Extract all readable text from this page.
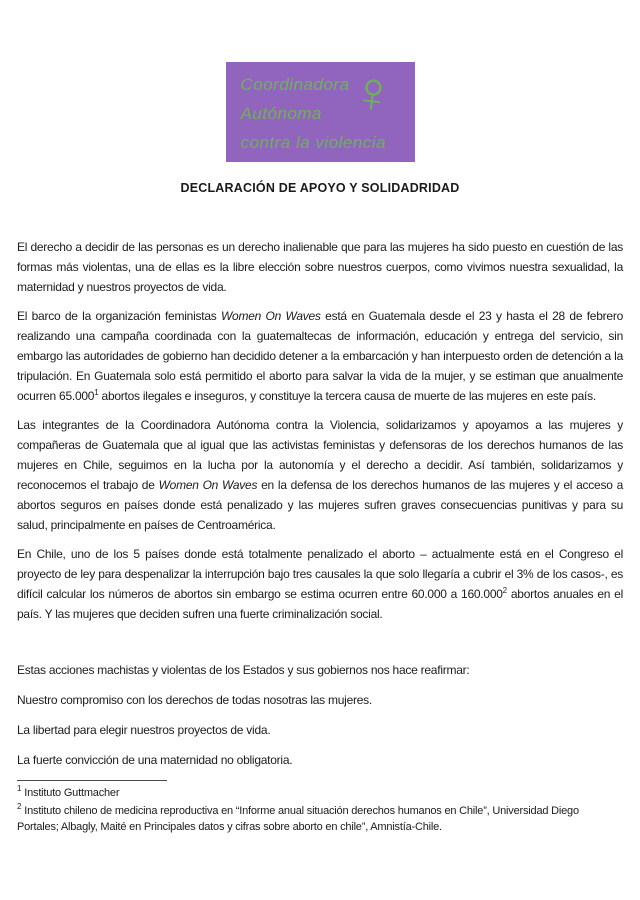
Coordinadora
Autónoma
contra la violencia
♀
DECLARACIÓN DE APOYO Y SOLIDADRIDAD

El derecho a decidir de las personas es un derecho inalienable que para las mujeres ha sido puesto en cuestión de las formas más violentas, una de ellas es la libre elección sobre nuestros cuerpos, como vivimos nuestra sexualidad, la maternidad y nuestros proyectos de vida.

El barco de la organización feministas Women On Waves está en Guatemala desde el 23 y hasta el 28 de febrero realizando una campaña coordinada con la guatemaltecas de información, educación y entrega del servicio, sin embargo las autoridades de gobierno han decidido detener a la embarcación y han interpuesto orden de detención a la tripulación. En Guatemala solo está permitido el aborto para salvar la vida de la mujer, y se estiman que anualmente ocurren 65.000$^1$ abortos ilegales e inseguros, y constituye la tercera causa de muerte de las mujeres en este país.

Las integrantes de la Coordinadora Autónoma contra la Violencia, solidarizamos y apoyamos a las mujeres y compañeras de Guatemala que al igual que las activistas feministas y defensoras de los derechos humanos de las mujeres en Chile, seguimos en la lucha por la autonomía y el derecho a decidir. Así también, solidarizamos y reconocemos el trabajo de Women On Waves en la defensa de los derechos humanos de las mujeres y el acceso a abortos seguros en países donde está penalizado y las mujeres sufren graves consecuencias punitivas y para su salud, principalmente en países de Centroamérica.

En Chile, uno de los 5 países donde está totalmente penalizado el aborto – actualmente está en el Congreso el proyecto de ley para despenalizar la interrupción bajo tres causales la que solo llegaría a cubrir el 3% de los casos-, es difícil calcular los números de abortos sin embargo se estima ocurren entre 60.000 a 160.000$^2$ abortos anuales en el país. Y las mujeres que deciden sufren una fuerte criminalización social.

Estas acciones machistas y violentas de los Estados y sus gobiernos nos hace reafirmar:

Nuestro compromiso con los derechos de todas nosotras las mujeres.

La libertad para elegir nuestros proyectos de vida.

La fuerte convicción de una maternidad no obligatoria.

$^1$ Instituto Guttmacher

$^2$ Instituto chileno de medicina reproductiva en “Informe anual situación derechos humanos en Chile”, Universidad Diego Portales; Albagly, Maité en Principales datos y cifras sobre aborto en chile”, Amnistía-Chile.
